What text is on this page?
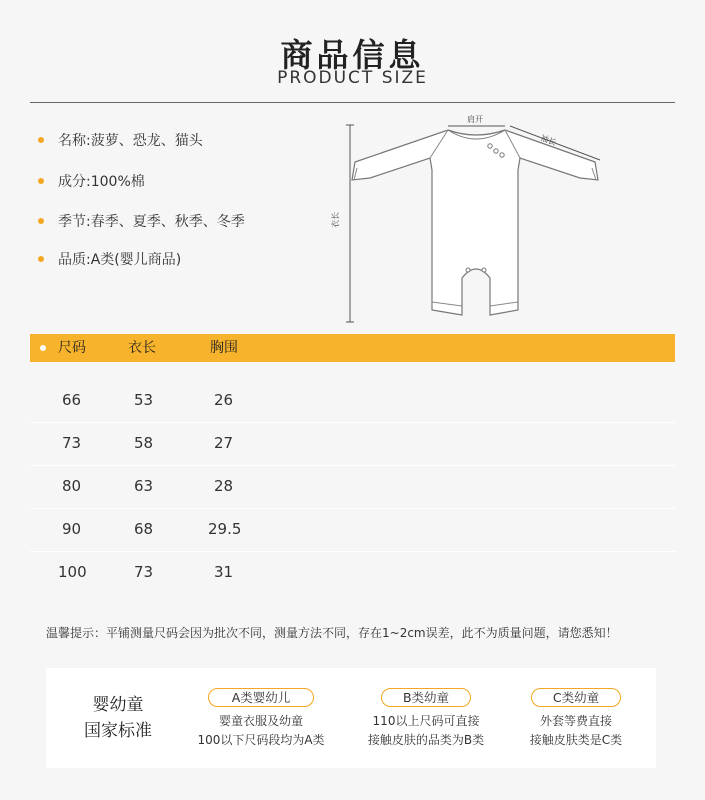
商品信息
PRODUCT SIZE
名称:菠萝、恐龙、猫头
成分:100%棉
季节:春季、夏季、秋季、冬季
品质:A类(婴儿商品)
衣长
肩开
袖长
尺码	衣长	胸围
66	53	26
73	58	27
80	63	28
90	68	29.5
100	73	31
温馨提示：平铺测量尺码会因为批次不同，测量方法不同，存在1~2cm误差，此不为质量问题，请您悉知！
婴幼童
国家标准
A类婴幼儿
婴童衣服及幼童
100以下尺码段均为A类
B类幼童
110以上尺码可直接
接触皮肤的品类为B类
C类幼童
外套等费直接
接触皮肤类是C类
